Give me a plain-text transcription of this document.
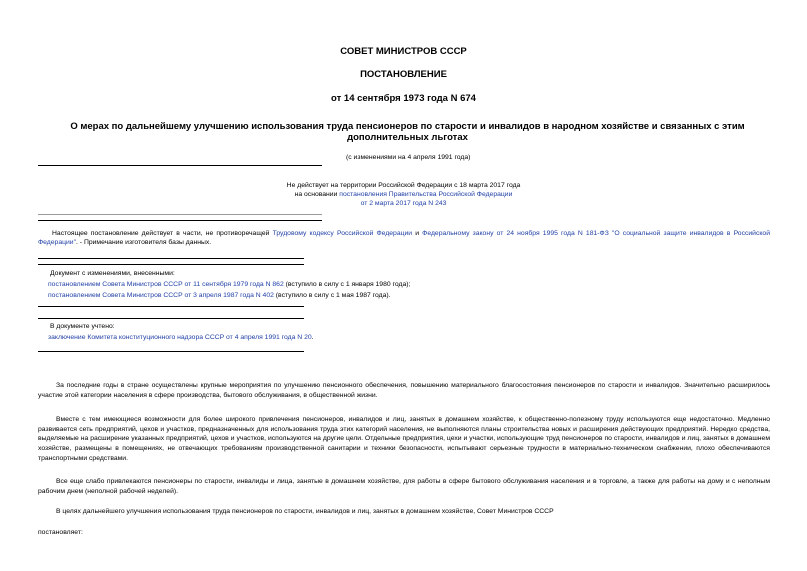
СОВЕТ МИНИСТРОВ СССР
ПОСТАНОВЛЕНИЕ
от 14 сентября 1973 года N 674
О мерах по дальнейшему улучшению использования труда пенсионеров по старости и инвалидов в народном хозяйстве и связанных с этим дополнительных льготах
(с изменениями на 4 апреля 1991 года)
Не действует на территории Российской Федерации с 18 марта 2017 года
на основании постановления Правительства Российской Федерации
от 2 марта 2017 года N 243
Настоящее постановление действует в части, не противоречащей Трудовому кодексу Российской Федерации и Федеральному закону от 24 ноября 1995 года N 181-ФЗ "О социальной защите инвалидов в Российской Федерации". - Примечание изготовителя базы данных.
Документ с изменениями, внесенными:
постановлением Совета Министров СССР от 11 сентября 1979 года N 862 (вступило в силу с 1 января 1980 года);
постановлением Совета Министров СССР от 3 апреля 1987 года N 402 (вступило в силу с 1 мая 1987 года).
В документе учтено:
заключение Комитета конституционного надзора СССР от 4 апреля 1991 года N 20.
За последние годы в стране осуществлены крупные мероприятия по улучшению пенсионного обеспечения, повышению материального благосостояния пенсионеров по старости и инвалидов. Значительно расширилось участие этой категории населения в сфере производства, бытового обслуживания, в общественной жизни.
Вместе с тем имеющиеся возможности для более широкого привлечения пенсионеров, инвалидов и лиц, занятых в домашнем хозяйстве, к общественно-полезному труду используются еще недостаточно. Медленно развивается сеть предприятий, цехов и участков, предназначенных для использования труда этих категорий населения, не выполняются планы строительства новых и расширения действующих предприятий. Нередко средства, выделяемые на расширение указанных предприятий, цехов и участков, используются на другие цели. Отдельные предприятия, цехи и участки, использующие труд пенсионеров по старости, инвалидов и лиц, занятых в домашнем хозяйстве, размещены в помещениях, не отвечающих требованиям производственной санитарии и техники безопасности, испытывают серьезные трудности в материально-техническом снабжении, плохо обеспечиваются транспортными средствами.
Все еще слабо привлекаются пенсионеры по старости, инвалиды и лица, занятые в домашнем хозяйстве, для работы в сфере бытового обслуживания населения и в торговле, а также для работы на дому и с неполным рабочим днем (неполной рабочей неделей).
В целях дальнейшего улучшения использования труда пенсионеров по старости, инвалидов и лиц, занятых в домашнем хозяйстве, Совет Министров СССР
постановляет:
